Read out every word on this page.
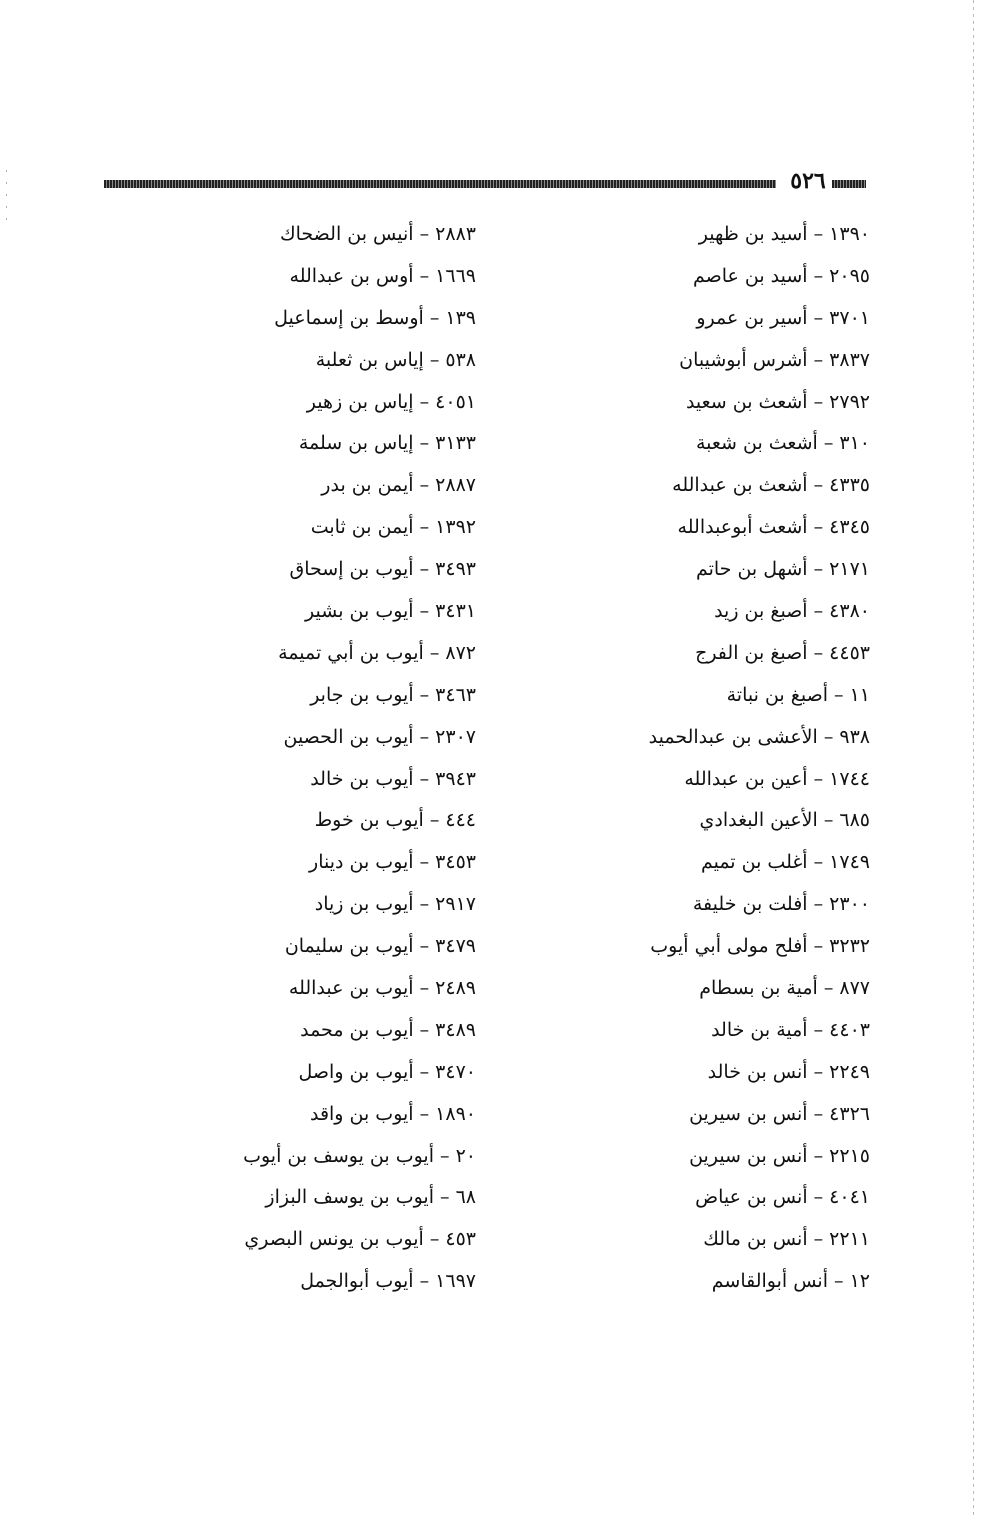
٥٢٦
١٣٩٠ – أسيد بن ظهير
٢٠٩٥ – أسيد بن عاصم
٣٧٠١ – أسير بن عمرو
٣٨٣٧ – أشرس أبوشيبان
٢٧٩٢ – أشعث بن سعيد
٣١٠ – أشعث بن شعبة
٤٣٣٥ – أشعث بن عبدالله
٤٣٤٥ – أشعث أبوعبدالله
٢١٧١ – أشهل بن حاتم
٤٣٨٠ – أصبغ بن زيد
٤٤٥٣ – أصبغ بن الفرج
١١ – أصبغ بن نباتة
٩٣٨ – الأعشى بن عبدالحميد
١٧٤٤ – أعين بن عبدالله
٦٨٥ – الأعين البغدادي
١٧٤٩ – أغلب بن تميم
٢٣٠٠ – أفلت بن خليفة
٣٢٣٢ – أفلح مولى أبي أيوب
٨٧٧ – أمية بن بسطام
٤٤٠٣ – أمية بن خالد
٢٢٤٩ – أنس بن خالد
٤٣٢٦ – أنس بن سيرين
٢٢١٥ – أنس بن سيرين
٤٠٤١ – أنس بن عياض
٢٢١١ – أنس بن مالك
١٢ – أنس أبوالقاسم
٢٨٨٣ – أنيس بن الضحاك
١٦٦٩ – أوس بن عبدالله
١٣٩ – أوسط بن إسماعيل
٥٣٨ – إياس بن ثعلبة
٤٠٥١ – إياس بن زهير
٣١٣٣ – إياس بن سلمة
٢٨٨٧ – أيمن بن بدر
١٣٩٢ – أيمن بن ثابت
٣٤٩٣ – أيوب بن إسحاق
٣٤٣١ – أيوب بن بشير
٨٧٢ – أيوب بن أبي تميمة
٣٤٦٣ – أيوب بن جابر
٢٣٠٧ – أيوب بن الحصين
٣٩٤٣ – أيوب بن خالد
٤٤٤ – أيوب بن خوط
٣٤٥٣ – أيوب بن دينار
٢٩١٧ – أيوب بن زياد
٣٤٧٩ – أيوب بن سليمان
٢٤٨٩ – أيوب بن عبدالله
٣٤٨٩ – أيوب بن محمد
٣٤٧٠ – أيوب بن واصل
١٨٩٠ – أيوب بن واقد
٢٠ – أيوب بن يوسف بن أيوب
٦٨ – أيوب بن يوسف البزاز
٤٥٣ – أيوب بن يونس البصري
١٦٩٧ – أيوب أبوالجمل
